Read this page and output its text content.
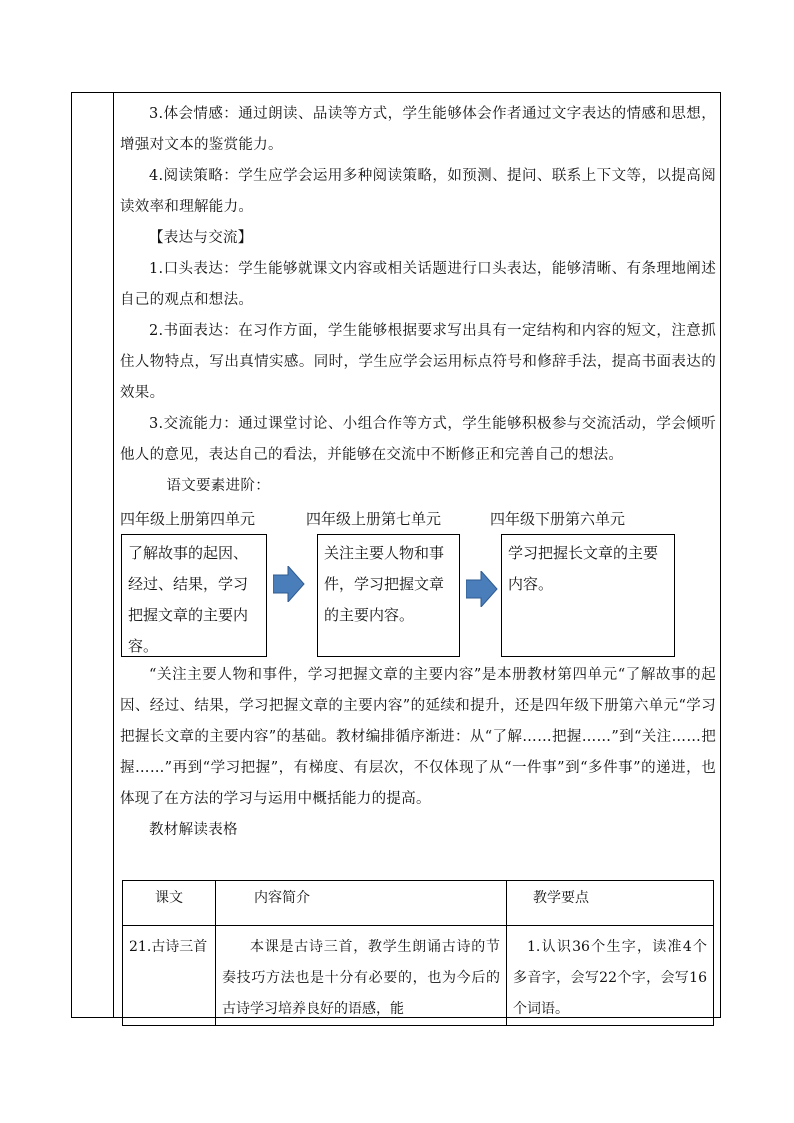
3.体会情感：通过朗读、品读等方式，学生能够体会作者通过文字表达的情感和思想，增强对文本的鉴赏能力。

4.阅读策略：学生应学会运用多种阅读策略，如预测、提问、联系上下文等，以提高阅读效率和理解能力。

【表达与交流】

1.口头表达：学生能够就课文内容或相关话题进行口头表达，能够清晰、有条理地阐述自己的观点和想法。

2.书面表达：在习作方面，学生能够根据要求写出具有一定结构和内容的短文，注意抓住人物特点，写出真情实感。同时，学生应学会运用标点符号和修辞手法，提高书面表达的效果。

3.交流能力：通过课堂讨论、小组合作等方式，学生能够积极参与交流活动，学会倾听他人的意见，表达自己的看法，并能够在交流中不断修正和完善自己的想法。

语文要素进阶：

四年级上册第四单元	四年级上册第七单元	四年级下册第六单元
了解故事的起因、经过、结果，学习把握文章的主要内容。
关注主要人物和事件，学习把握文章的主要内容。
学习把握长文章的主要内容。

“关注主要人物和事件，学习把握文章的主要内容”是本册教材第四单元“了解故事的起因、经过、结果，学习把握文章的主要内容”的延续和提升，还是四年级下册第六单元“学习把握长文章的主要内容”的基础。教材编排循序渐进：从“了解……把握……”到“关注……把握……”再到“学习把握”，有梯度、有层次，不仅体现了从“一件事”到“多件事”的递进，也体现了在方法的学习与运用中概括能力的提高。

教材解读表格

课文	内容简介	教学要点

21.古诗三首	本课是古诗三首，教学生朗诵古诗的节奏技巧方法也是十分有必要的，也为今后的古诗学习培养良好的语感，能	1.认识36个生字，读准4个多音字，会写22个字，会写16个词语。
